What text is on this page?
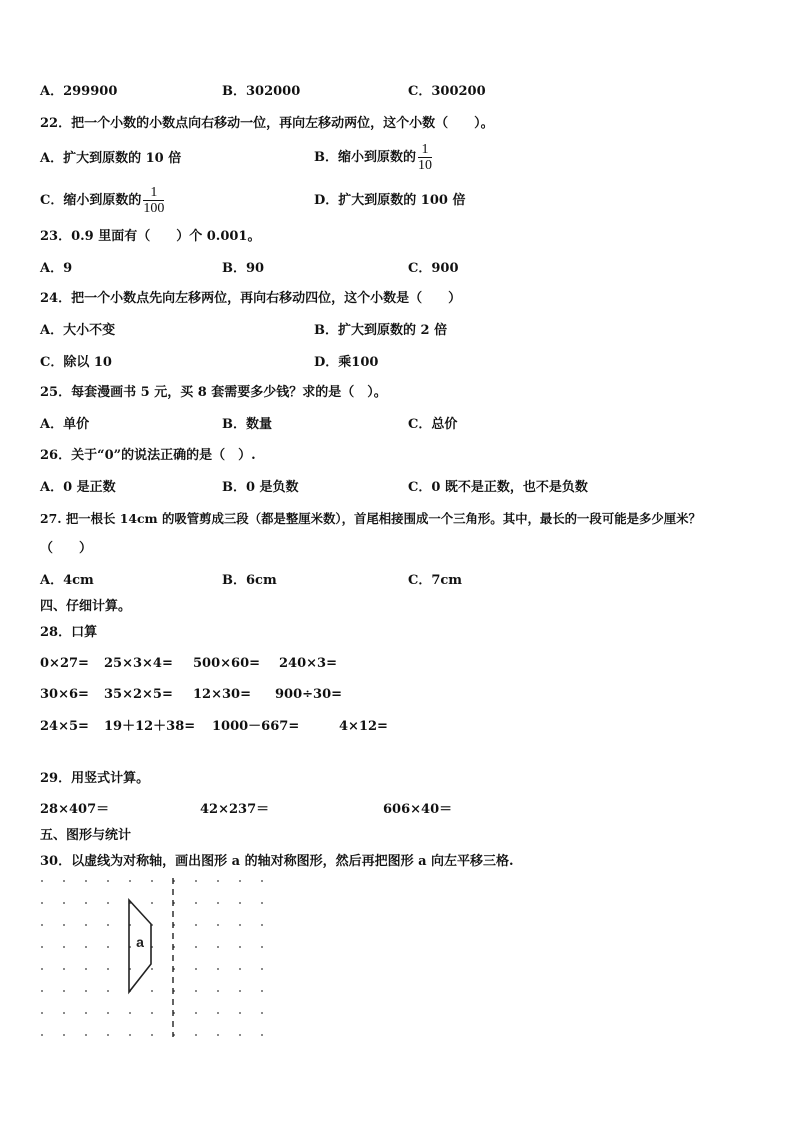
A．299900	B．302000	C．300200
22．把一个小数的小数点向右移动一位，再向左移动两位，这个小数（　　）。
A．扩大到原数的 10 倍	B．缩小到原数的 $\frac{1}{10}$
C．缩小到原数的 $\frac{1}{100}$	D．扩大到原数的 100 倍
23．0.9 里面有（　　）个 0.001。
A．9	B．90	C．900
24．把一个小数点先向左移两位，再向右移动四位，这个小数是（　　）
A．大小不变	B．扩大到原数的 2 倍
C．除以 10	D．乘100
25．每套漫画书 5 元，买 8 套需要多少钱？求的是（　）。
A．单价	B．数量	C．总价
26．关于“0”的说法正确的是（　）.
A．0 是正数	B．0 是负数	C．0 既不是正数，也不是负数
27. 把一根长 14cm 的吸管剪成三段（都是整厘米数），首尾相接围成一个三角形。其中，最长的一段可能是多少厘米？
（　　）
A．4cm	B．6cm	C．7cm
四、仔细计算。
28．口算
0×27= 25×3×4= 500×60= 240×3=
30×6= 35×2×5= 12×30= 900÷30=
24×5= 19＋12＋38= 1000－667=	4×12=
29．用竖式计算。
28×407＝	42×237＝	606×40＝
五、图形与统计
30．以虚线为对称轴，画出图形 a 的轴对称图形，然后再把图形 a 向左平移三格.
a
